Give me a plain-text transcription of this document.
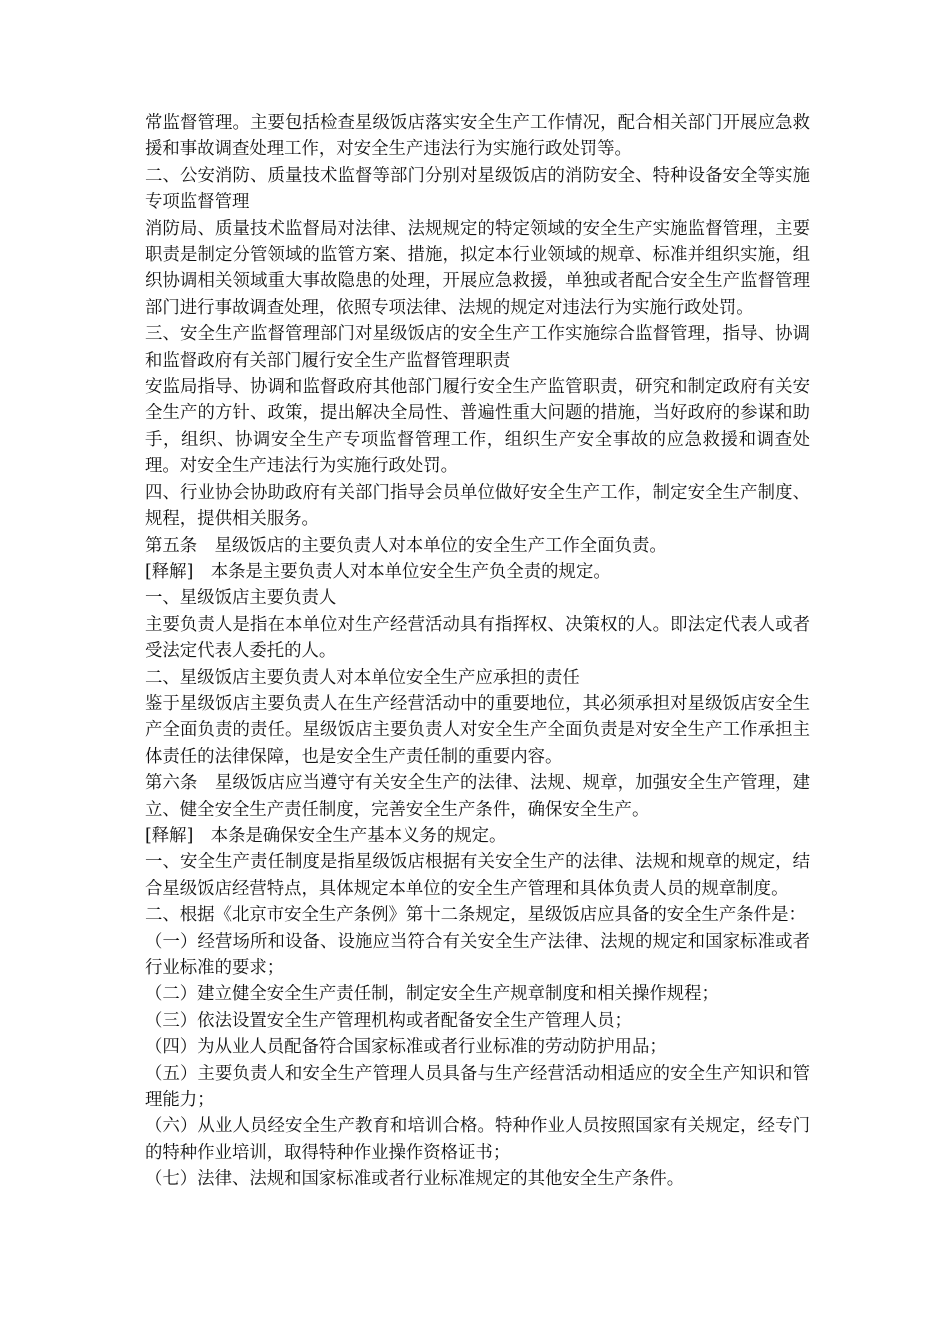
常监督管理。主要包括检查星级饭店落实安全生产工作情况，配合相关部门开展应急救援和事故调查处理工作，对安全生产违法行为实施行政处罚等。

二、公安消防、质量技术监督等部门分别对星级饭店的消防安全、特种设备安全等实施专项监督管理

消防局、质量技术监督局对法律、法规规定的特定领域的安全生产实施监督管理，主要职责是制定分管领域的监管方案、措施，拟定本行业领域的规章、标准并组织实施，组织协调相关领域重大事故隐患的处理，开展应急救援，单独或者配合安全生产监督管理部门进行事故调查处理，依照专项法律、法规的规定对违法行为实施行政处罚。

三、安全生产监督管理部门对星级饭店的安全生产工作实施综合监督管理，指导、协调和监督政府有关部门履行安全生产监督管理职责

安监局指导、协调和监督政府其他部门履行安全生产监管职责，研究和制定政府有关安全生产的方针、政策，提出解决全局性、普遍性重大问题的措施，当好政府的参谋和助手，组织、协调安全生产专项监督管理工作，组织生产安全事故的应急救援和调查处理。对安全生产违法行为实施行政处罚。

四、行业协会协助政府有关部门指导会员单位做好安全生产工作，制定安全生产制度、规程，提供相关服务。

第五条　星级饭店的主要负责人对本单位的安全生产工作全面负责。

[释解]　本条是主要负责人对本单位安全生产负全责的规定。

一、星级饭店主要负责人

主要负责人是指在本单位对生产经营活动具有指挥权、决策权的人。即法定代表人或者受法定代表人委托的人。

二、星级饭店主要负责人对本单位安全生产应承担的责任

鉴于星级饭店主要负责人在生产经营活动中的重要地位，其必须承担对星级饭店安全生产全面负责的责任。星级饭店主要负责人对安全生产全面负责是对安全生产工作承担主体责任的法律保障，也是安全生产责任制的重要内容。

第六条　星级饭店应当遵守有关安全生产的法律、法规、规章，加强安全生产管理，建立、健全安全生产责任制度，完善安全生产条件，确保安全生产。

[释解]　本条是确保安全生产基本义务的规定。

一、安全生产责任制度是指星级饭店根据有关安全生产的法律、法规和规章的规定，结合星级饭店经营特点，具体规定本单位的安全生产管理和具体负责人员的规章制度。

二、根据《北京市安全生产条例》第十二条规定，星级饭店应具备的安全生产条件是：

（一）经营场所和设备、设施应当符合有关安全生产法律、法规的规定和国家标准或者行业标准的要求；

（二）建立健全安全生产责任制，制定安全生产规章制度和相关操作规程；

（三）依法设置安全生产管理机构或者配备安全生产管理人员；

（四）为从业人员配备符合国家标准或者行业标准的劳动防护用品；

（五）主要负责人和安全生产管理人员具备与生产经营活动相适应的安全生产知识和管理能力；

（六）从业人员经安全生产教育和培训合格。特种作业人员按照国家有关规定，经专门的特种作业培训，取得特种作业操作资格证书；

（七）法律、法规和国家标准或者行业标准规定的其他安全生产条件。
